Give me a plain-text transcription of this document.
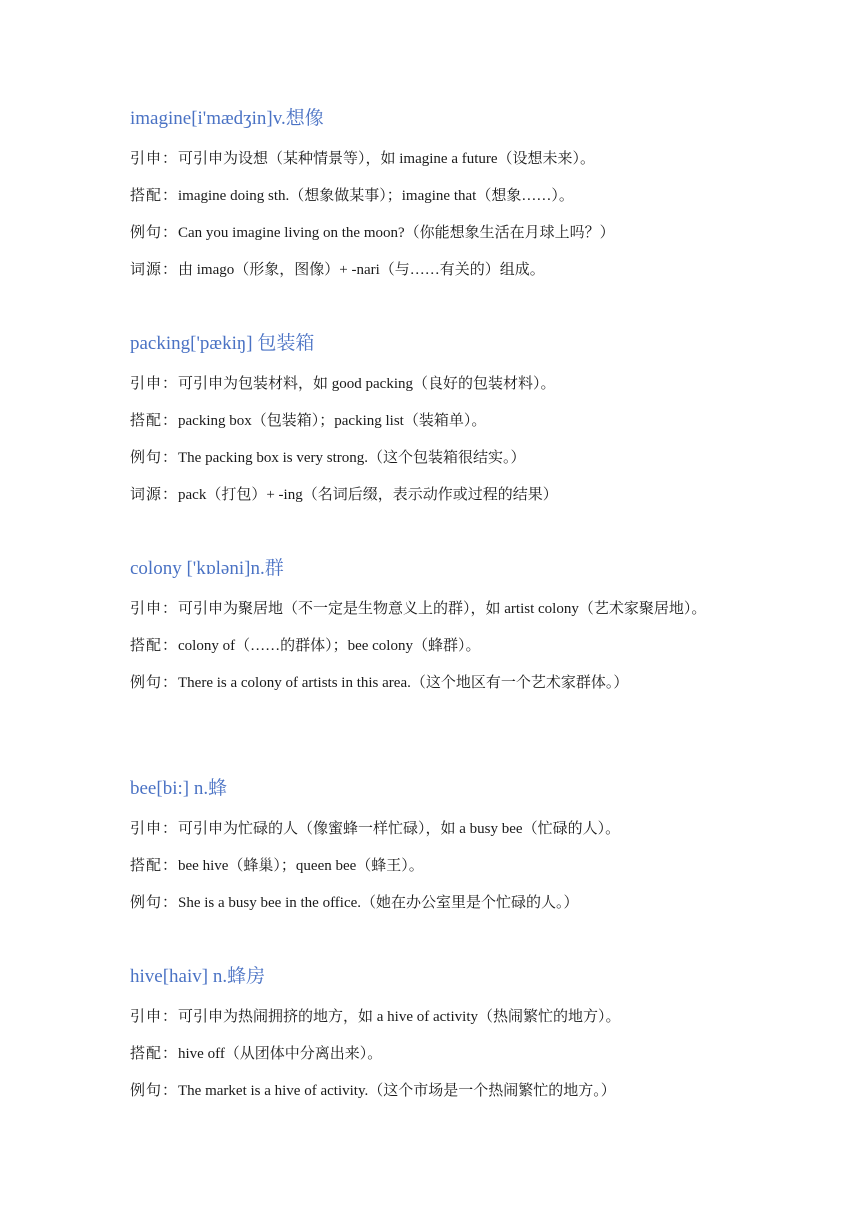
imagine[i'mædʒin]v.想像

引申：可引申为设想（某种情景等），如 imagine a future（设想未来）。

搭配：imagine doing sth.（想象做某事）；imagine that（想象……）。

例句：Can you imagine living on the moon?（你能想象生活在月球上吗？）

词源：由 imago（形象，图像）+ -nari（与……有关的）组成。

packing['pækiŋ] 包装箱

引申：可引申为包装材料，如 good packing（良好的包装材料）。

搭配：packing box（包装箱）；packing list（装箱单）。

例句：The packing box is very strong.（这个包装箱很结实。）

词源：pack（打包）+ -ing（名词后缀，表示动作或过程的结果）

colony ['kɒləni]n.群

引申：可引申为聚居地（不一定是生物意义上的群），如 artist colony（艺术家聚居地）。

搭配：colony of（……的群体）；bee colony（蜂群）。

例句：There is a colony of artists in this area.（这个地区有一个艺术家群体。）

bee[bi:] n.蜂

引申：可引申为忙碌的人（像蜜蜂一样忙碌），如 a busy bee（忙碌的人）。

搭配：bee hive（蜂巢）；queen bee（蜂王）。

例句：She is a busy bee in the office.（她在办公室里是个忙碌的人。）

hive[haiv] n.蜂房

引申：可引申为热闹拥挤的地方，如 a hive of activity（热闹繁忙的地方）。

搭配：hive off（从团体中分离出来）。

例句：The market is a hive of activity.（这个市场是一个热闹繁忙的地方。）
